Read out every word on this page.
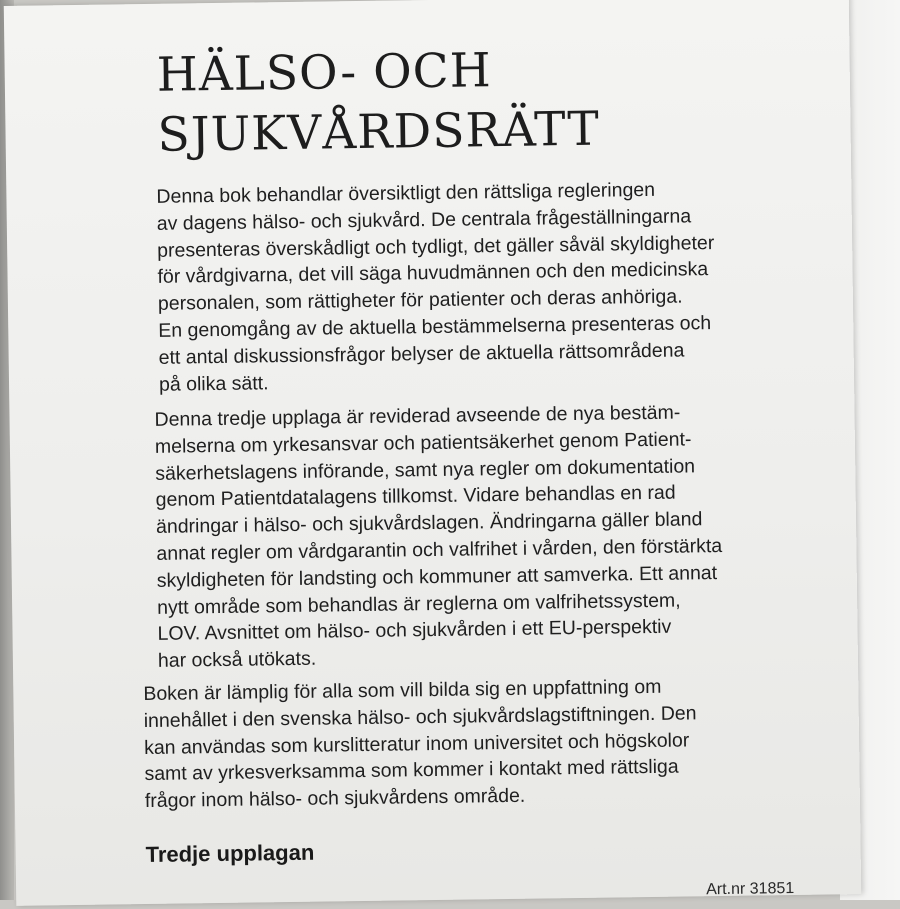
HÄLSO- OCH
SJUKVÅRDSRÄTT
Denna bok behandlar översiktligt den rättsliga regleringen
av dagens hälso- och sjukvård. De centrala frågeställningarna
presenteras överskådligt och tydligt, det gäller såväl skyldigheter
för vårdgivarna, det vill säga huvudmännen och den medicinska
personalen, som rättigheter för patienter och deras anhöriga.
En genomgång av de aktuella bestämmelserna presenteras och
ett antal diskussionsfrågor belyser de aktuella rättsområdena
på olika sätt.
Denna tredje upplaga är reviderad avseende de nya bestäm-
melserna om yrkesansvar och patientsäkerhet genom Patient-
säkerhetslagens införande, samt nya regler om dokumentation
genom Patientdatalagens tillkomst. Vidare behandlas en rad
ändringar i hälso- och sjukvårdslagen. Ändringarna gäller bland
annat regler om vårdgarantin och valfrihet i vården, den förstärkta
skyldigheten för landsting och kommuner att samverka. Ett annat
nytt område som behandlas är reglerna om valfrihetssystem,
LOV. Avsnittet om hälso- och sjukvården i ett EU-perspektiv
har också utökats.
Boken är lämplig för alla som vill bilda sig en uppfattning om
innehållet i den svenska hälso- och sjukvårdslagstiftningen. Den
kan användas som kurslitteratur inom universitet och högskolor
samt av yrkesverksamma som kommer i kontakt med rättsliga
frågor inom hälso- och sjukvårdens område.

Tredje upplagan

Art.nr 31851
